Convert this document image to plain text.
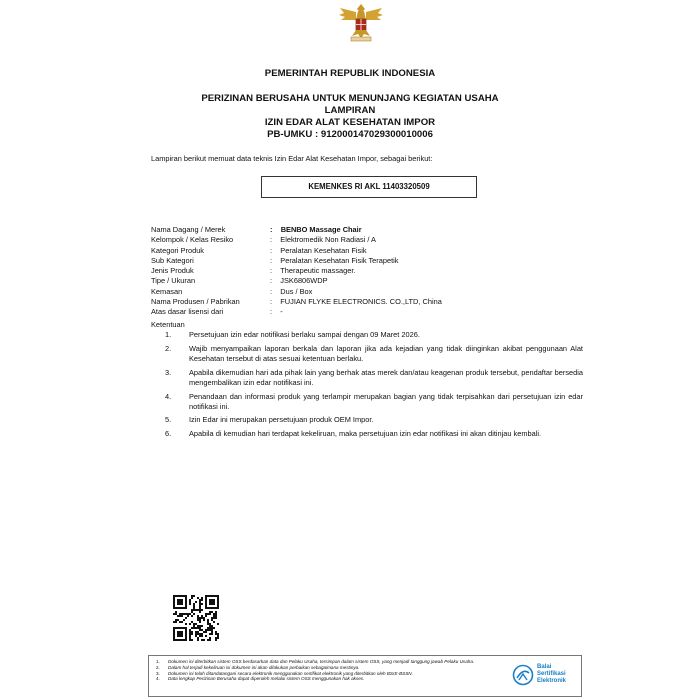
PEMERINTAH REPUBLIK INDONESIA
PERIZINAN BERUSAHA UNTUK MENUNJANG KEGIATAN USAHA
LAMPIRAN
IZIN EDAR ALAT KESEHATAN IMPOR
PB-UMKU : 912000147029300010006
Lampiran berikut memuat data teknis Izin Edar Alat Kesehatan Impor, sebagai berikut:
KEMENKES RI AKL 11403320509
Nama Dagang / Merek	: BENBO Massage Chair
Kelompok / Kelas Resiko	: Elektromedik Non Radiasi / A
Kategori Produk	: Peralatan Kesehatan Fisik
Sub Kategori	: Peralatan Kesehatan Fisik Terapetik
Jenis Produk	: Therapeutic massager.
Tipe / Ukuran	: JSK6806WDP
Kemasan	: Dus / Box
Nama Produsen / Pabrikan	: FUJIAN FLYKE ELECTRONICS. CO.,LTD, China
Atas dasar lisensi dari	: -
Ketentuan
1. Persetujuan izin edar notifikasi berlaku sampai dengan 09 Maret 2026.
2. Wajib menyampaikan laporan berkala dan laporan jika ada kejadian yang tidak diinginkan akibat penggunaan Alat Kesehatan tersebut di atas sesuai ketentuan berlaku.
3. Apabila dikemudian hari ada pihak lain yang berhak atas merek dan/atau keagenan produk tersebut, pendaftar bersedia mengembalikan izin edar notifikasi ini.
4. Penandaan dan informasi produk yang terlampir merupakan bagian yang tidak terpisahkan dari persetujuan izin edar notifikasi ini.
5. Izin Edar ini merupakan persetujuan produk OEM Impor.
6. Apabila di kemudian hari terdapat kekeliruan, maka persetujuan izin edar notifikasi ini akan ditinjau kembali.
1. Dokumen ini diterbitkan sistem OSS berdasarkan data dan Pelaku Usaha, tersimpan dalam sistem OSS, yang menjadi tanggung jawab Pelaku Usaha.
2. Dalam hal terjadi kekeliruan isi dokumen ini akan dilakukan perbaikan sebagaimana mestinya.
3. Dokumen ini telah ditandatangani secara elektronik menggunakan sertifikat elektronik yang diterbitkan oleh BSrE-BSSN.
4. Data lengkap Perizinan Berusaha dapat diperoleh melalui sistem OSS menggunakan hak akses.
Balai
Sertifikasi
Elektronik
